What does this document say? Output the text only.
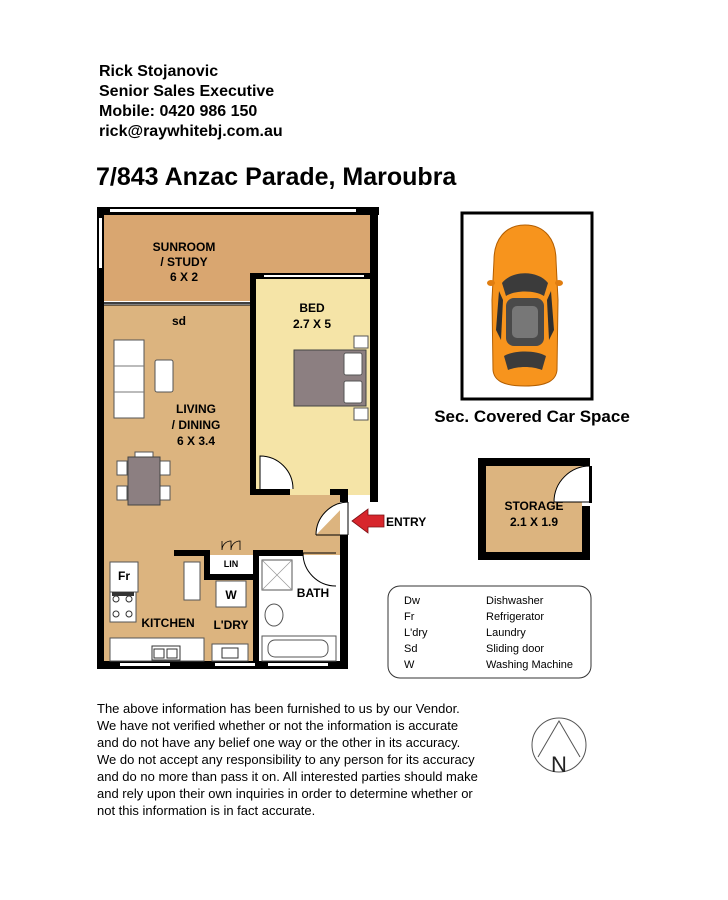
Rick Stojanovic
Senior Sales Executive
Mobile: 0420 986 150
rick@raywhitebj.com.au
7/843 Anzac Parade, Maroubra
SUNROOM
/ STUDY
6 X 2
sd
BED
2.7 X 5
LIVING
/ DINING
6 X 3.4
Fr
LIN
W
KITCHEN L'DRY
BATH
ENTRY
Sec. Covered Car Space
STORAGE
2.1 X 1.9
Dw	Dishwasher
Fr	Refrigerator
L'dry	Laundry
Sd	Sliding door
W	Washing Machine
N
The above information has been furnished to us by our Vendor.
We have not verified whether or not the information is accurate
and do not have any belief one way or the other in its accuracy.
We do not accept any responsibility to any person for its accuracy
and do no more than pass it on. All interested parties should make
and rely upon their own inquiries in order to determine whether or
not this information is in fact accurate.
